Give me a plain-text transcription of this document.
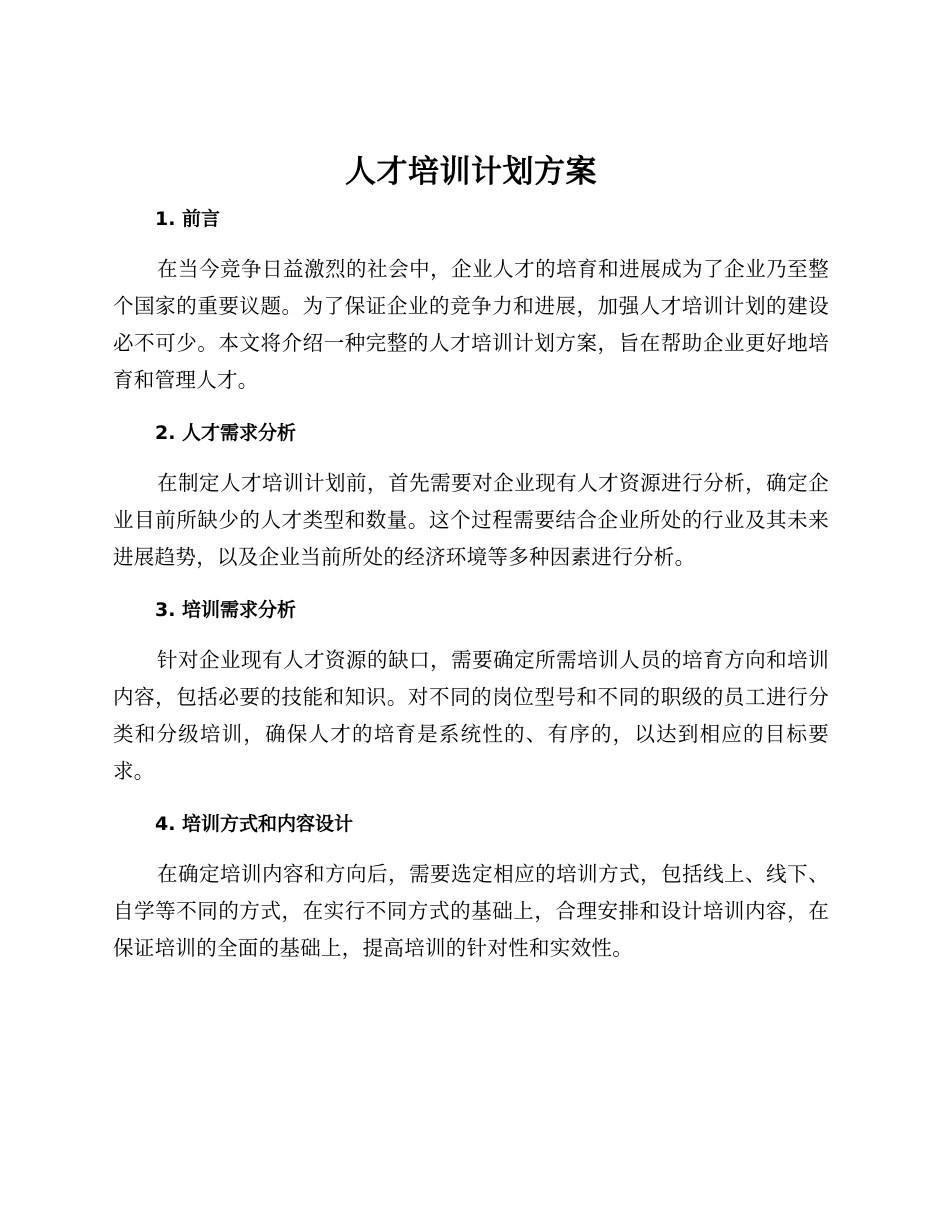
人才培训计划方案
1. 前言

在当今竞争日益激烈的社会中，企业人才的培育和进展成为了企业乃至整个国家的重要议题。为了保证企业的竞争力和进展，加强人才培训计划的建设必不可少。本文将介绍一种完整的人才培训计划方案，旨在帮助企业更好地培育和管理人才。

2. 人才需求分析

在制定人才培训计划前，首先需要对企业现有人才资源进行分析，确定企业目前所缺少的人才类型和数量。这个过程需要结合企业所处的行业及其未来进展趋势，以及企业当前所处的经济环境等多种因素进行分析。

3. 培训需求分析

针对企业现有人才资源的缺口，需要确定所需培训人员的培育方向和培训内容，包括必要的技能和知识。对不同的岗位型号和不同的职级的员工进行分类和分级培训，确保人才的培育是系统性的、有序的，以达到相应的目标要求。

4. 培训方式和内容设计

在确定培训内容和方向后，需要选定相应的培训方式，包括线上、线下、自学等不同的方式，在实行不同方式的基础上，合理安排和设计培训内容，在保证培训的全面的基础上，提高培训的针对性和实效性。
